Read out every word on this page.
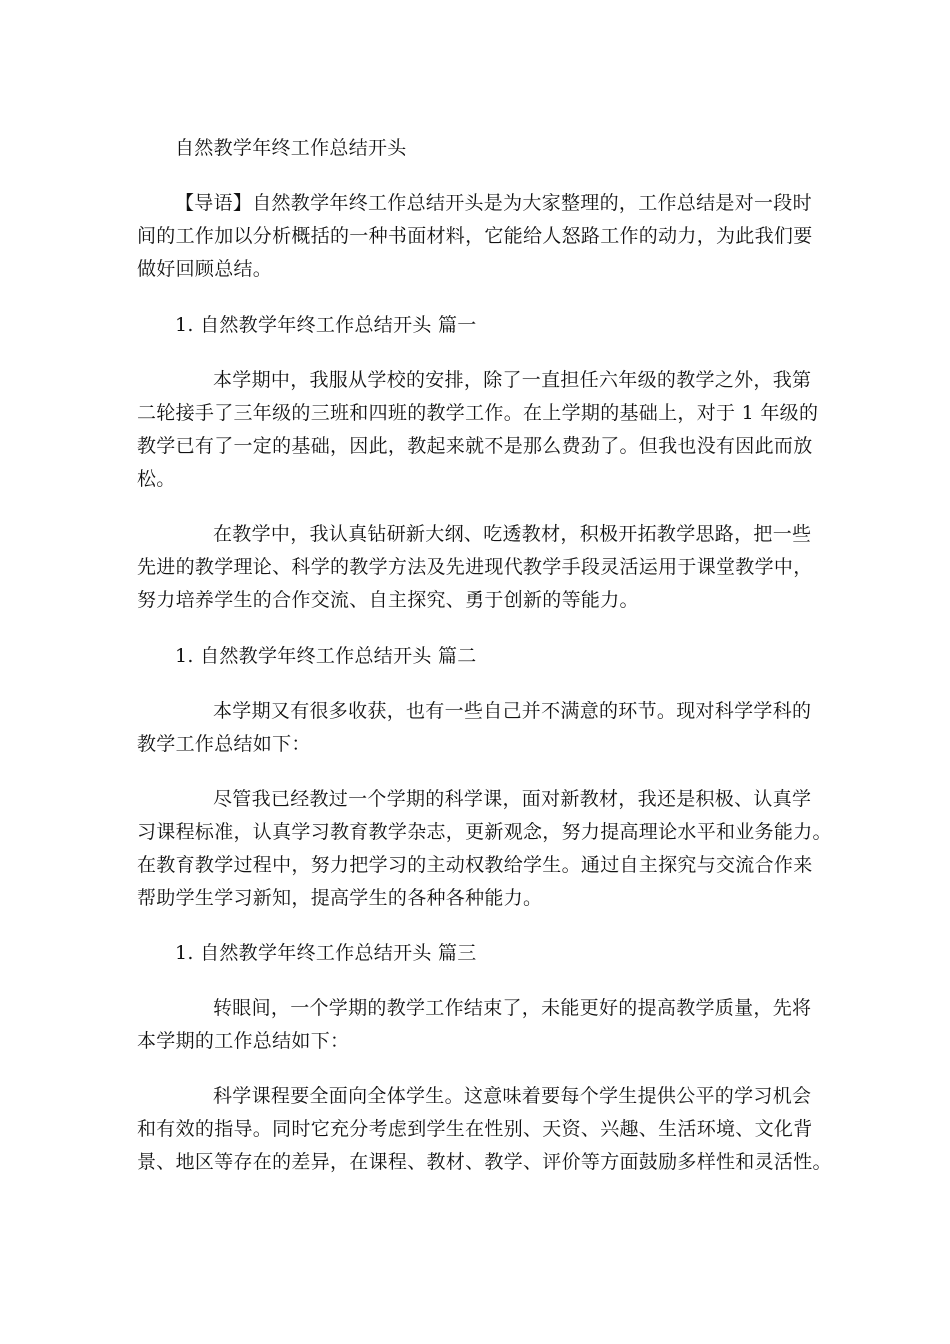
自然教学年终工作总结开头
【导语】自然教学年终工作总结开头是为大家整理的，工作总结是对一段时
间的工作加以分析概括的一种书面材料，它能给人怒路工作的动力，为此我们要
做好回顾总结。
1. 自然教学年终工作总结开头 篇一
本学期中，我服从学校的安排，除了一直担任六年级的教学之外，我第
二轮接手了三年级的三班和四班的教学工作。在上学期的基础上，对于 1 年级的
教学已有了一定的基础，因此，教起来就不是那么费劲了。但我也没有因此而放
松。
在教学中，我认真钻研新大纲、吃透教材，积极开拓教学思路，把一些
先进的教学理论、科学的教学方法及先进现代教学手段灵活运用于课堂教学中，
努力培养学生的合作交流、自主探究、勇于创新的等能力。
1. 自然教学年终工作总结开头 篇二
本学期又有很多收获，也有一些自己并不满意的环节。现对科学学科的
教学工作总结如下：
尽管我已经教过一个学期的科学课，面对新教材，我还是积极、认真学
习课程标准，认真学习教育教学杂志，更新观念，努力提高理论水平和业务能力。
在教育教学过程中，努力把学习的主动权教给学生。通过自主探究与交流合作来
帮助学生学习新知，提高学生的各种各种能力。
1. 自然教学年终工作总结开头 篇三
转眼间，一个学期的教学工作结束了，未能更好的提高教学质量，先将
本学期的工作总结如下：
科学课程要全面向全体学生。这意味着要每个学生提供公平的学习机会
和有效的指导。同时它充分考虑到学生在性别、天资、兴趣、生活环境、文化背
景、地区等存在的差异，在课程、教材、教学、评价等方面鼓励多样性和灵活性。
